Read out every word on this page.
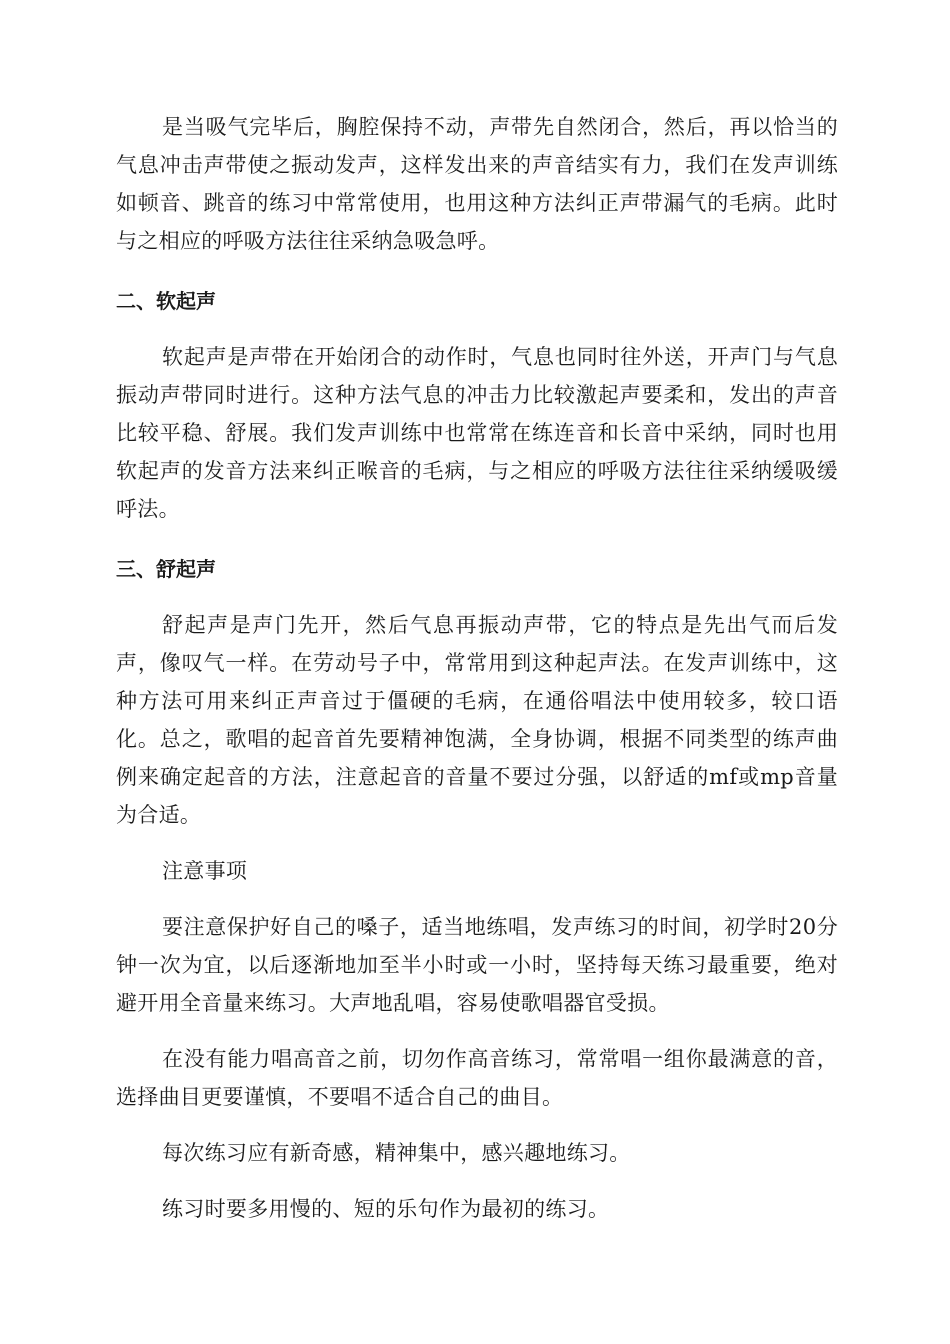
是当吸气完毕后，胸腔保持不动，声带先自然闭合，然后，再以恰当的气息冲击声带使之振动发声，这样发出来的声音结实有力，我们在发声训练如顿音、跳音的练习中常常使用，也用这种方法纠正声带漏气的毛病。此时与之相应的呼吸方法往往采纳急吸急呼。

二、软起声

软起声是声带在开始闭合的动作时，气息也同时往外送，开声门与气息振动声带同时进行。这种方法气息的冲击力比较激起声要柔和，发出的声音比较平稳、舒展。我们发声训练中也常常在练连音和长音中采纳，同时也用软起声的发音方法来纠正喉音的毛病，与之相应的呼吸方法往往采纳缓吸缓呼法。

三、舒起声

舒起声是声门先开，然后气息再振动声带，它的特点是先出气而后发声，像叹气一样。在劳动号子中，常常用到这种起声法。在发声训练中，这种方法可用来纠正声音过于僵硬的毛病，在通俗唱法中使用较多，较口语化。总之，歌唱的起音首先要精神饱满，全身协调，根据不同类型的练声曲例来确定起音的方法，注意起音的音量不要过分强，以舒适的mf或mp音量为合适。

注意事项

要注意保护好自己的嗓子，适当地练唱，发声练习的时间，初学时20分钟一次为宜，以后逐渐地加至半小时或一小时，坚持每天练习最重要，绝对避开用全音量来练习。大声地乱唱，容易使歌唱器官受损。

在没有能力唱高音之前，切勿作高音练习，常常唱一组你最满意的音，选择曲目更要谨慎，不要唱不适合自己的曲目。

每次练习应有新奇感，精神集中，感兴趣地练习。

练习时要多用慢的、短的乐句作为最初的练习。
